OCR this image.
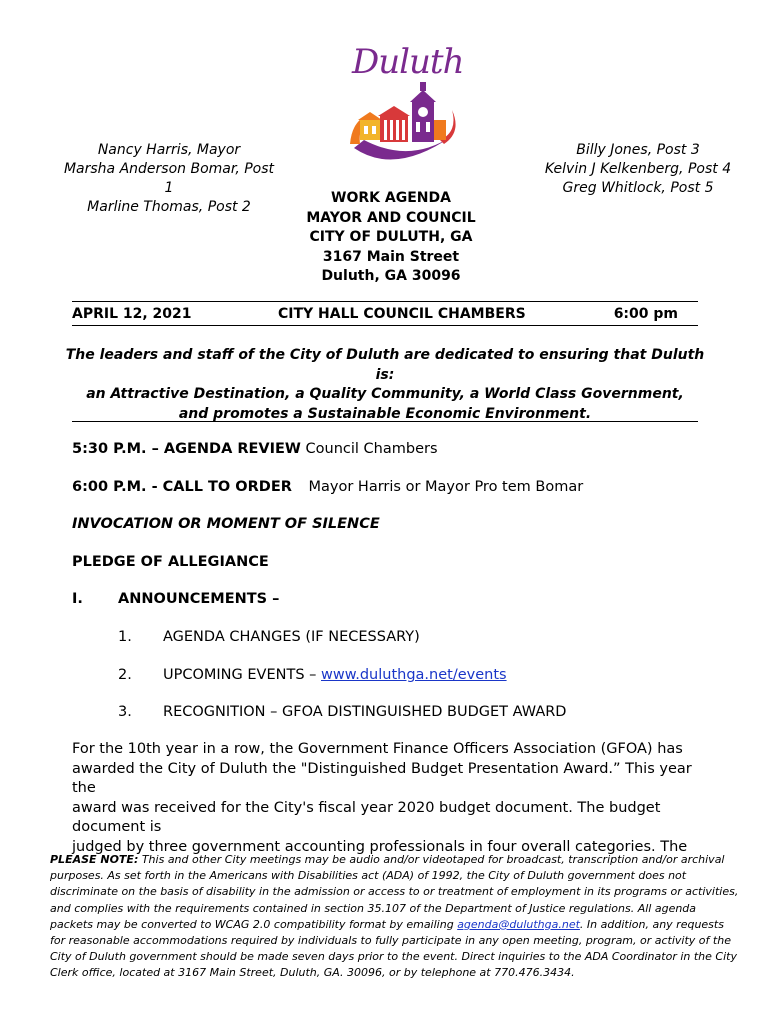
Duluth
Nancy Harris, Mayor
Marsha Anderson Bomar, Post 1
Marline Thomas, Post 2
Billy Jones, Post 3
Kelvin J Kelkenberg, Post 4
Greg Whitlock, Post 5
WORK AGENDA
MAYOR AND COUNCIL
CITY OF DULUTH, GA
3167 Main Street
Duluth, GA 30096
APRIL 12, 2021	CITY HALL COUNCIL CHAMBERS	6:00 pm
The leaders and staff of the City of Duluth are dedicated to ensuring that Duluth is:
an Attractive Destination, a Quality Community, a World Class Government,
and promotes a Sustainable Economic Environment.
5:30 P.M. – AGENDA REVIEW Council Chambers
6:00 P.M. - CALL TO ORDER Mayor Harris or Mayor Pro tem Bomar
INVOCATION OR MOMENT OF SILENCE
PLEDGE OF ALLEGIANCE
I. ANNOUNCEMENTS –
1. AGENDA CHANGES (IF NECESSARY)
2. UPCOMING EVENTS – www.duluthga.net/events
3. RECOGNITION – GFOA DISTINGUISHED BUDGET AWARD
For the 10th year in a row, the Government Finance Officers Association (GFOA) has
awarded the City of Duluth the "Distinguished Budget Presentation Award.” This year the
award was received for the City's fiscal year 2020 budget document. The budget document is
judged by three government accounting professionals in four overall categories. The
PLEASE NOTE: This and other City meetings may be audio and/or videotaped for broadcast, transcription and/or archival purposes. As set forth in the Americans with Disabilities act (ADA) of 1992, the City of Duluth government does not discriminate on the basis of disability in the admission or access to or treatment of employment in its programs or activities, and complies with the requirements contained in section 35.107 of the Department of Justice regulations. All agenda packets may be converted to WCAG 2.0 compatibility format by emailing agenda@duluthga.net. In addition, any requests for reasonable accommodations required by individuals to fully participate in any open meeting, program, or activity of the City of Duluth government should be made seven days prior to the event. Direct inquiries to the ADA Coordinator in the City Clerk office, located at 3167 Main Street, Duluth, GA. 30096, or by telephone at 770.476.3434.
